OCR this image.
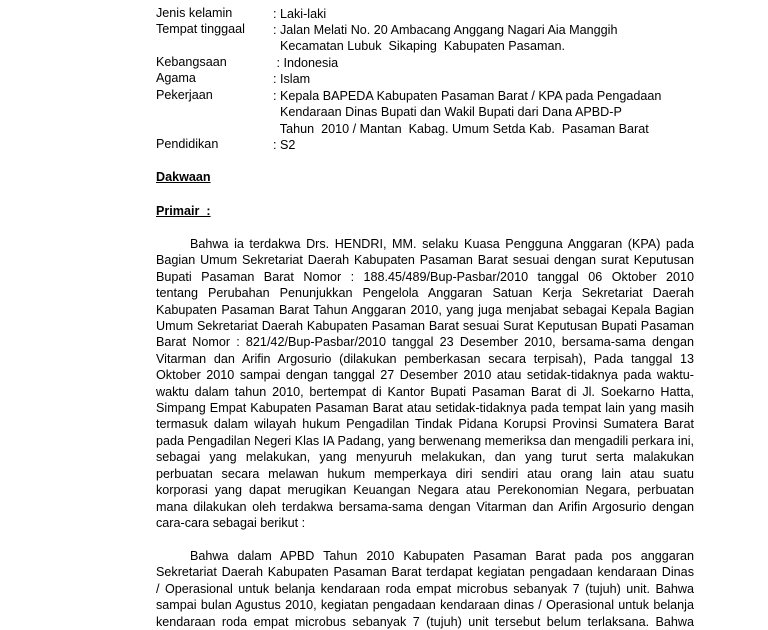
Jenis kelamin	: Laki-laki
Tempat tinggaal	: Jalan Melati No. 20 Ambacang Anggang Nagari Aia Manggih
Kecamatan Lubuk  Sikaping  Kabupaten Pasaman.
Kebangsaan	: Indonesia
Agama	: Islam
Pekerjaan	: Kepala BAPEDA Kabupaten Pasaman Barat / KPA pada Pengadaan
Kendaraan Dinas Bupati dan Wakil Bupati dari Dana APBD-P
Tahun  2010 / Mantan  Kabag. Umum Setda Kab.  Pasaman Barat
Pendidikan	: S2
Dakwaan
Primair  :
Bahwa ia terdakwa Drs. HENDRI, MM. selaku Kuasa Pengguna Anggaran (KPA) pada
Bagian Umum Sekretariat Daerah Kabupaten Pasaman Barat sesuai dengan surat Keputusan
Bupati Pasaman Barat Nomor : 188.45/489/Bup-Pasbar/2010 tanggal 06 Oktober 2010
tentang Perubahan Penunjukkan Pengelola Anggaran Satuan Kerja Sekretariat Daerah
Kabupaten Pasaman Barat Tahun Anggaran 2010, yang juga menjabat sebagai Kepala Bagian
Umum Sekretariat Daerah Kabupaten Pasaman Barat sesuai Surat Keputusan Bupati Pasaman
Barat Nomor : 821/42/Bup-Pasbar/2010 tanggal 23 Desember 2010, bersama-sama dengan
Vitarman dan Arifin Argosurio (dilakukan pemberkasan secara terpisah), Pada tanggal 13
Oktober 2010 sampai dengan tanggal 27 Desember 2010 atau setidak-tidaknya pada waktu-
waktu dalam tahun 2010, bertempat di Kantor Bupati Pasaman Barat di Jl. Soekarno Hatta,
Simpang Empat Kabupaten Pasaman Barat atau setidak-tidaknya pada tempat lain yang masih
termasuk dalam wilayah hukum Pengadilan Tindak Pidana Korupsi Provinsi Sumatera Barat
pada Pengadilan Negeri Klas IA Padang, yang berwenang memeriksa dan mengadili perkara ini,
sebagai yang melakukan, yang menyuruh melakukan, dan yang turut serta malakukan
perbuatan secara melawan hukum memperkaya diri sendiri atau orang lain atau suatu
korporasi yang dapat merugikan Keuangan Negara atau Perekonomian Negara, perbuatan
mana dilakukan oleh terdakwa bersama-sama dengan Vitarman dan Arifin Argosurio dengan
cara-cara sebagai berikut :
Bahwa dalam APBD Tahun 2010 Kabupaten Pasaman Barat pada pos anggaran
Sekretariat Daerah Kabupaten Pasaman Barat terdapat kegiatan pengadaan kendaraan Dinas
/ Operasional untuk belanja kendaraan roda empat microbus sebanyak 7 (tujuh) unit. Bahwa
sampai bulan Agustus 2010, kegiatan pengadaan kendaraan dinas / Operasional untuk belanja
kendaraan roda empat microbus sebanyak 7 (tujuh) unit tersebut belum terlaksana. Bahwa
